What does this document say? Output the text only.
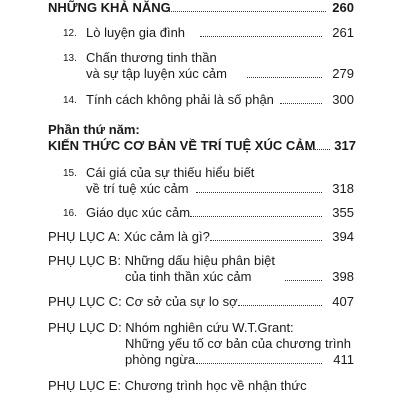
NHỮNG KHẢ NĂNG	260
12. Lò luyện gia đình	261
13. Chấn thương tinh thần
và sự tập luyện xúc cảm	279
14. Tính cách không phải là số phận	300
Phần thứ năm:
KIẾN THỨC CƠ BẢN VỀ TRÍ TUỆ XÚC CẢM	317
15. Cái giá của sự thiếu hiểu biết
về trí tuệ xúc cảm	318
16. Giáo dục xúc cảm	355
PHỤ LỤC A: Xúc cảm là gì?	394
PHỤ LỤC B: Những dấu hiệu phân biệt
của tinh thần xúc cảm	398
PHỤ LỤC C: Cơ sở của sự lo sợ	407
PHỤ LỤC D: Nhóm nghiên cứu W.T.Grant:
Những yếu tố cơ bản của chương trình
phòng ngừa	411
PHỤ LỤC E: Chương trình học về nhận thức
